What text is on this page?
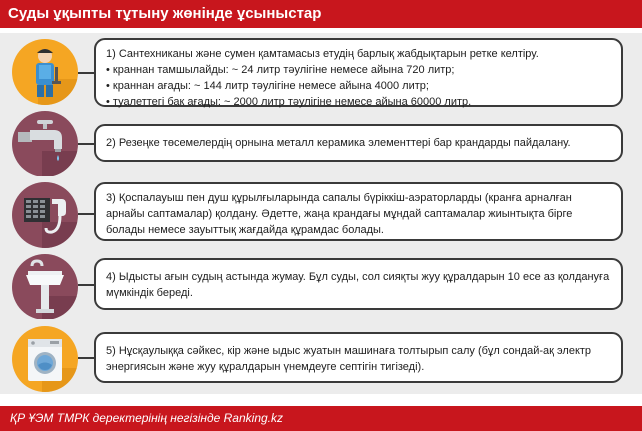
Суды ұқыпты тұтыну жөнінде ұсыныстар
1) Сантехниканы және сумен қамтамасыз етудің барлық жабдықтарын ретке келтіру.
• краннан тамшылайды: ~ 24 литр тәулігіне немесе айына 720 литр;
• краннан ағады: ~ 144 литр тәулігіне немесе айына 4000 литр;
• туалеттегі бак ағады: ~ 2000 литр тәулігіне немесе айына 60000 литр.
2) Резеңке төсемелердің орнына металл керамика элементтері бар крандарды пайдалану.
3) Қоспалауыш пен душ құрылғыларында сапалы бүріккіш-аэраторларды (кранға арналған
арнайы саптамалар) қолдану. Әдетте, жаңа крандағы мұндай саптамалар жиынтықта бірге
болады немесе зауыттық жағдайда құрамдас болады.
4) Ыдысты ағын судың астында жумау. Бұл суды, сол сияқты жуу құралдарын 10 есе аз қолдануға
мүмкіндік береді.
5) Нұсқаулыққа сәйкес, кір және ыдыс жуатын машинаға толтырып салу (бұл сондай-ақ электр
энергиясын және жуу құралдарын үнемдеуге септігін тигізеді).
ҚР ҰЭМ ТМРК деректерінің негізінде Ranking.kz
